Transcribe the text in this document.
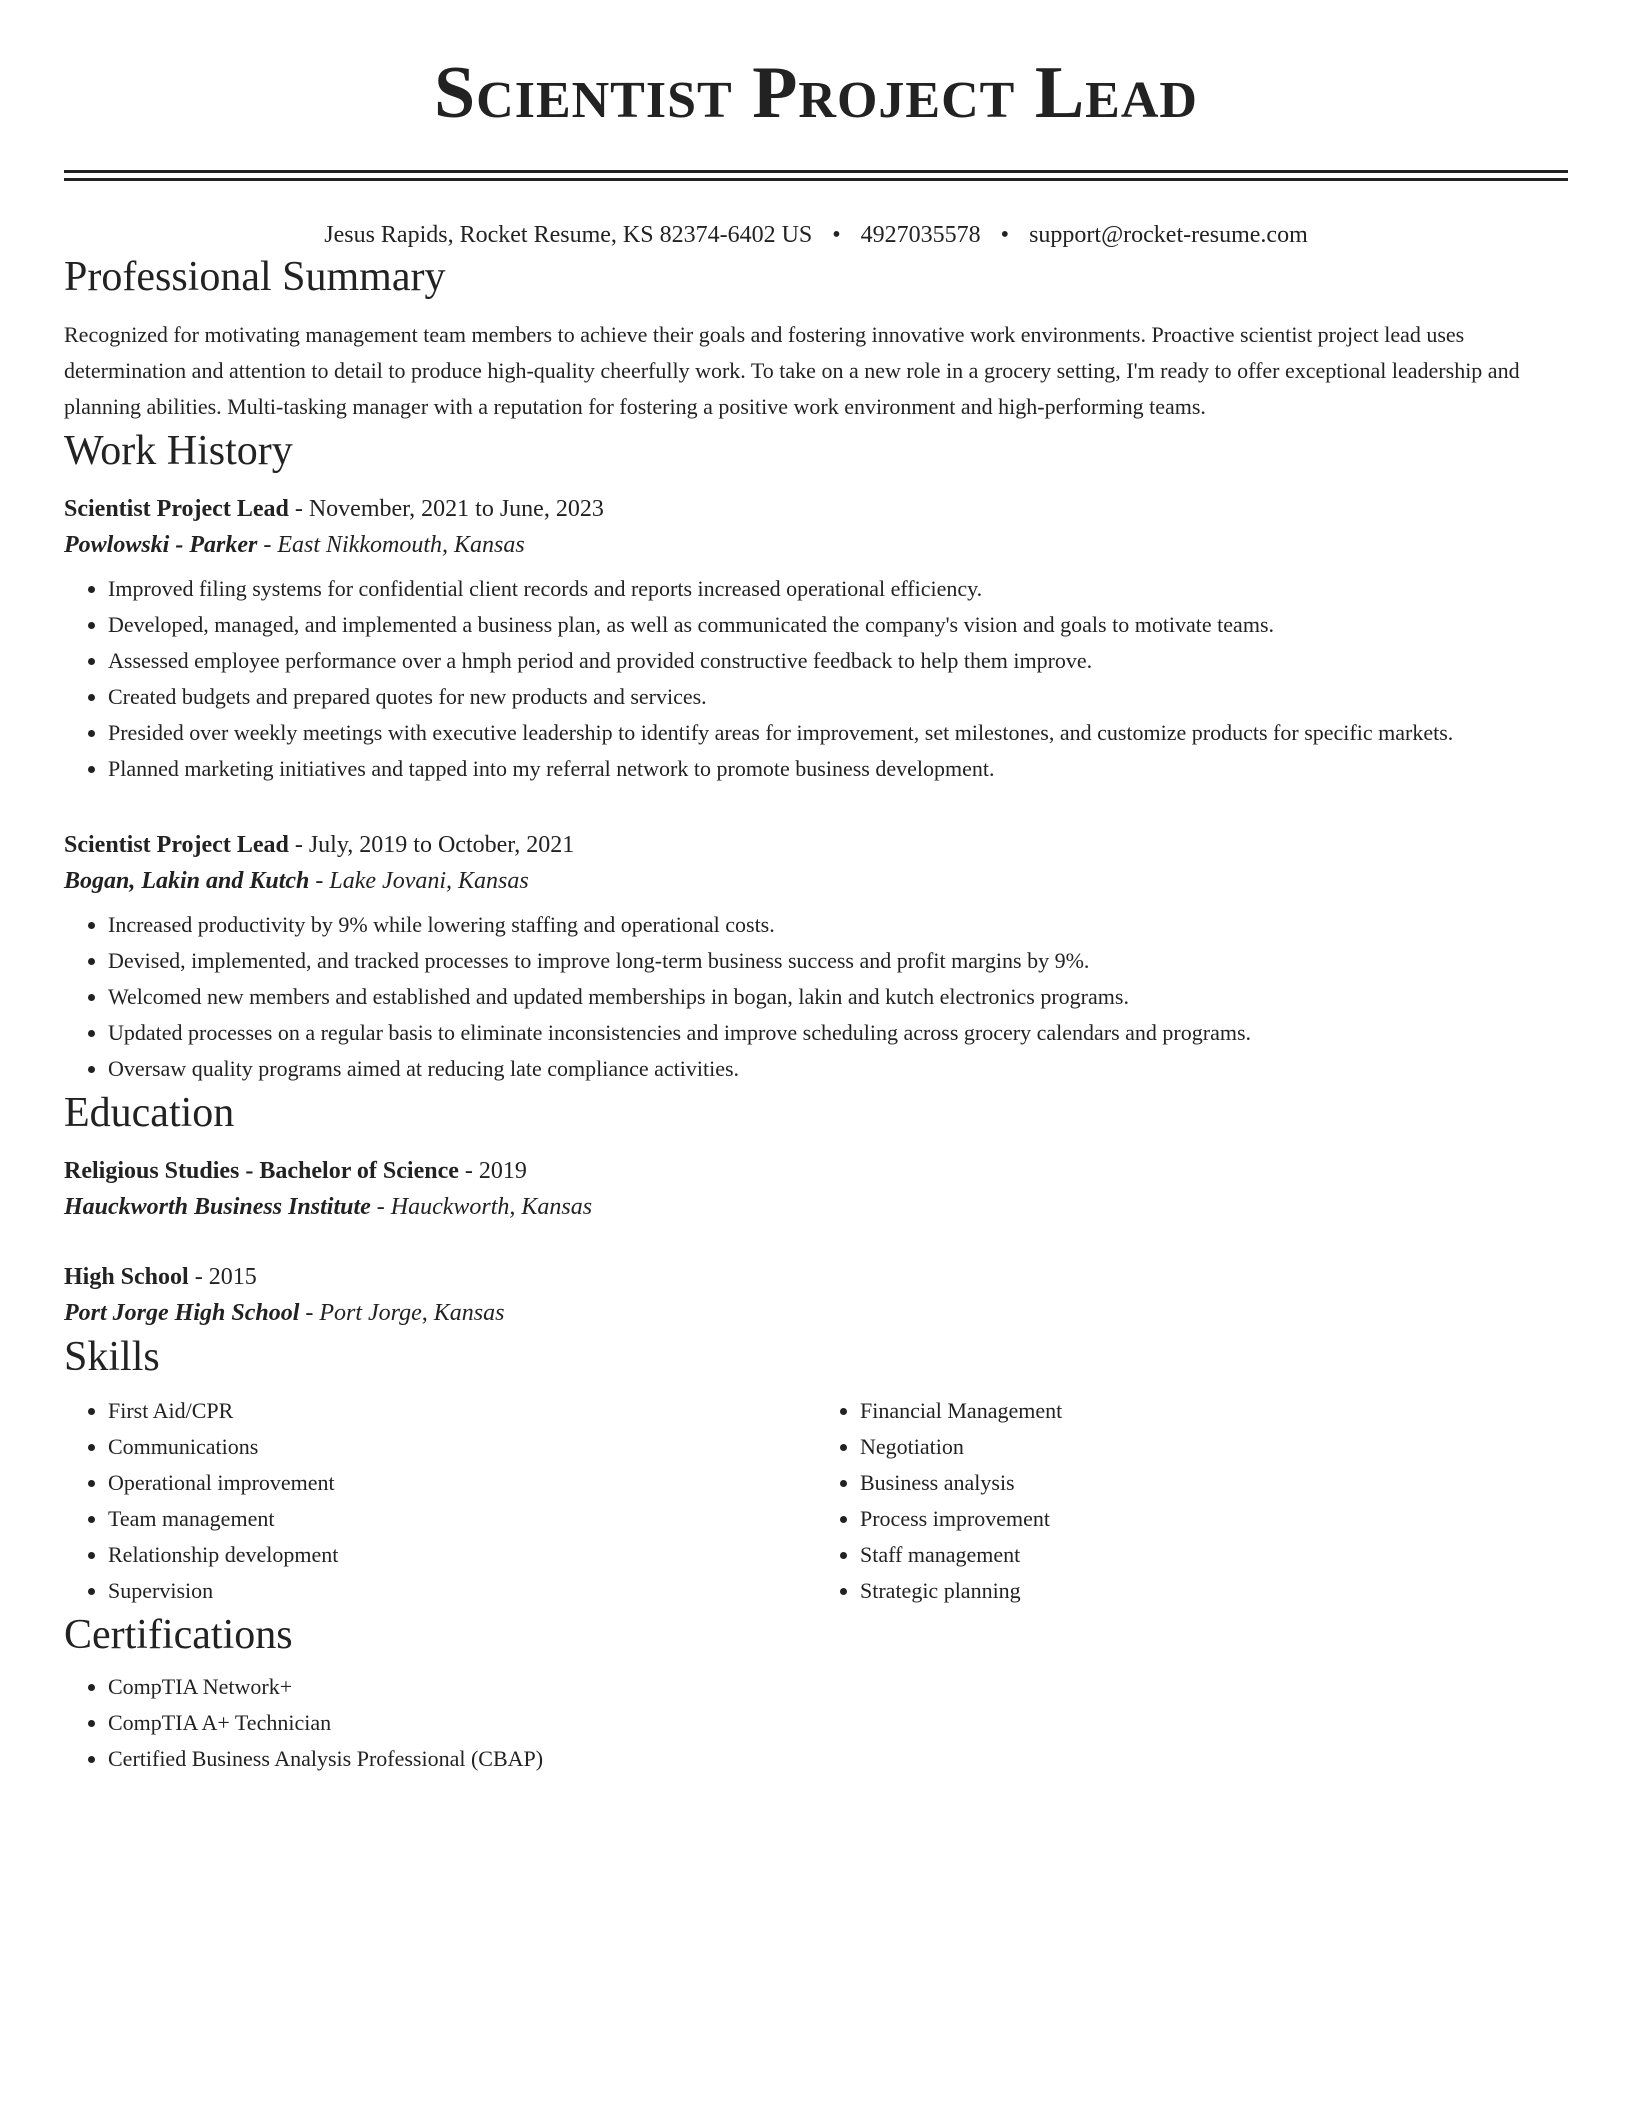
Scientist Project Lead
Jesus Rapids, Rocket Resume, KS 82374-6402 US • 4927035578 • support@rocket-resume.com
Professional Summary

Recognized for motivating management team members to achieve their goals and fostering innovative work environments. Proactive scientist project lead uses determination and attention to detail to produce high-quality cheerfully work. To take on a new role in a grocery setting, I'm ready to offer exceptional leadership and planning abilities. Multi-tasking manager with a reputation for fostering a positive work environment and high-performing teams.

Work History
Scientist Project Lead - November, 2021 to June, 2023
Powlowski - Parker - East Nikkomouth, Kansas
• Improved filing systems for confidential client records and reports increased operational efficiency.
• Developed, managed, and implemented a business plan, as well as communicated the company's vision and goals to motivate teams.
• Assessed employee performance over a hmph period and provided constructive feedback to help them improve.
• Created budgets and prepared quotes for new products and services.
• Presided over weekly meetings with executive leadership to identify areas for improvement, set milestones, and customize products for specific markets.
• Planned marketing initiatives and tapped into my referral network to promote business development.
Scientist Project Lead - July, 2019 to October, 2021
Bogan, Lakin and Kutch - Lake Jovani, Kansas
• Increased productivity by 9% while lowering staffing and operational costs.
• Devised, implemented, and tracked processes to improve long-term business success and profit margins by 9%.
• Welcomed new members and established and updated memberships in bogan, lakin and kutch electronics programs.
• Updated processes on a regular basis to eliminate inconsistencies and improve scheduling across grocery calendars and programs.
• Oversaw quality programs aimed at reducing late compliance activities.
Education
Religious Studies - Bachelor of Science - 2019
Hauckworth Business Institute - Hauckworth, Kansas
High School - 2015
Port Jorge High School - Port Jorge, Kansas
Skills
• First Aid/CPR
• Communications
• Operational improvement
• Team management
• Relationship development
• Supervision
• Financial Management
• Negotiation
• Business analysis
• Process improvement
• Staff management
• Strategic planning
Certifications
• CompTIA Network+
• CompTIA A+ Technician
• Certified Business Analysis Professional (CBAP)
